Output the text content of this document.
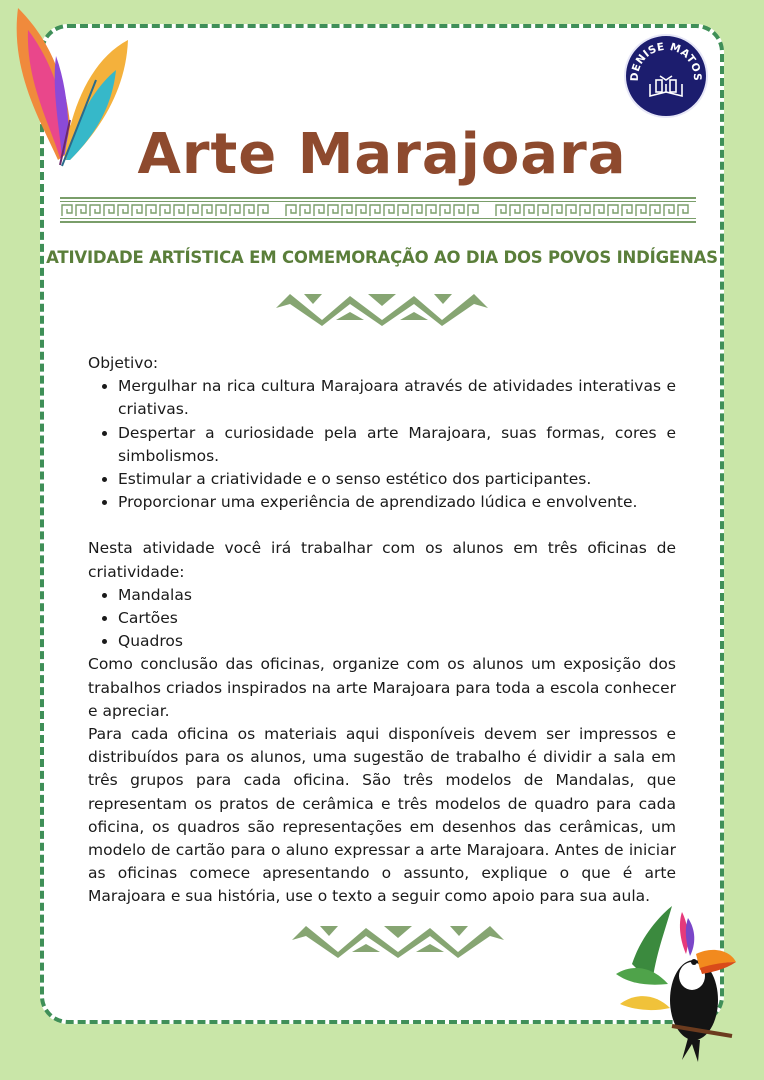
DENISE MATOS
Arte Marajoara
ATIVIDADE ARTÍSTICA EM COMEMORAÇÃO AO DIA DOS POVOS INDÍGENAS

Objetivo:

• Mergulhar na rica cultura Marajoara através de atividades interativas e criativas.
• Despertar a curiosidade pela arte Marajoara, suas formas, cores e simbolismos.
• Estimular a criatividade e o senso estético dos participantes.
• Proporcionar uma experiência de aprendizado lúdica e envolvente.

Nesta atividade você irá trabalhar com os alunos em três oficinas de criatividade:

• Mandalas
• Cartões
• Quadros

Como conclusão das oficinas, organize com os alunos um exposição dos trabalhos criados inspirados na arte Marajoara para toda a escola conhecer e apreciar.

Para cada oficina os materiais aqui disponíveis devem ser impressos e distribuídos para os alunos, uma sugestão de trabalho é dividir a sala em três grupos para cada oficina. São três modelos de Mandalas, que representam os pratos de cerâmica e três modelos de quadro para cada oficina, os quadros são representações em desenhos das cerâmicas, um modelo de cartão para o aluno expressar a arte Marajoara. Antes de iniciar as oficinas comece apresentando o assunto, explique o que é arte Marajoara e sua história, use o texto a seguir como apoio para sua aula.
